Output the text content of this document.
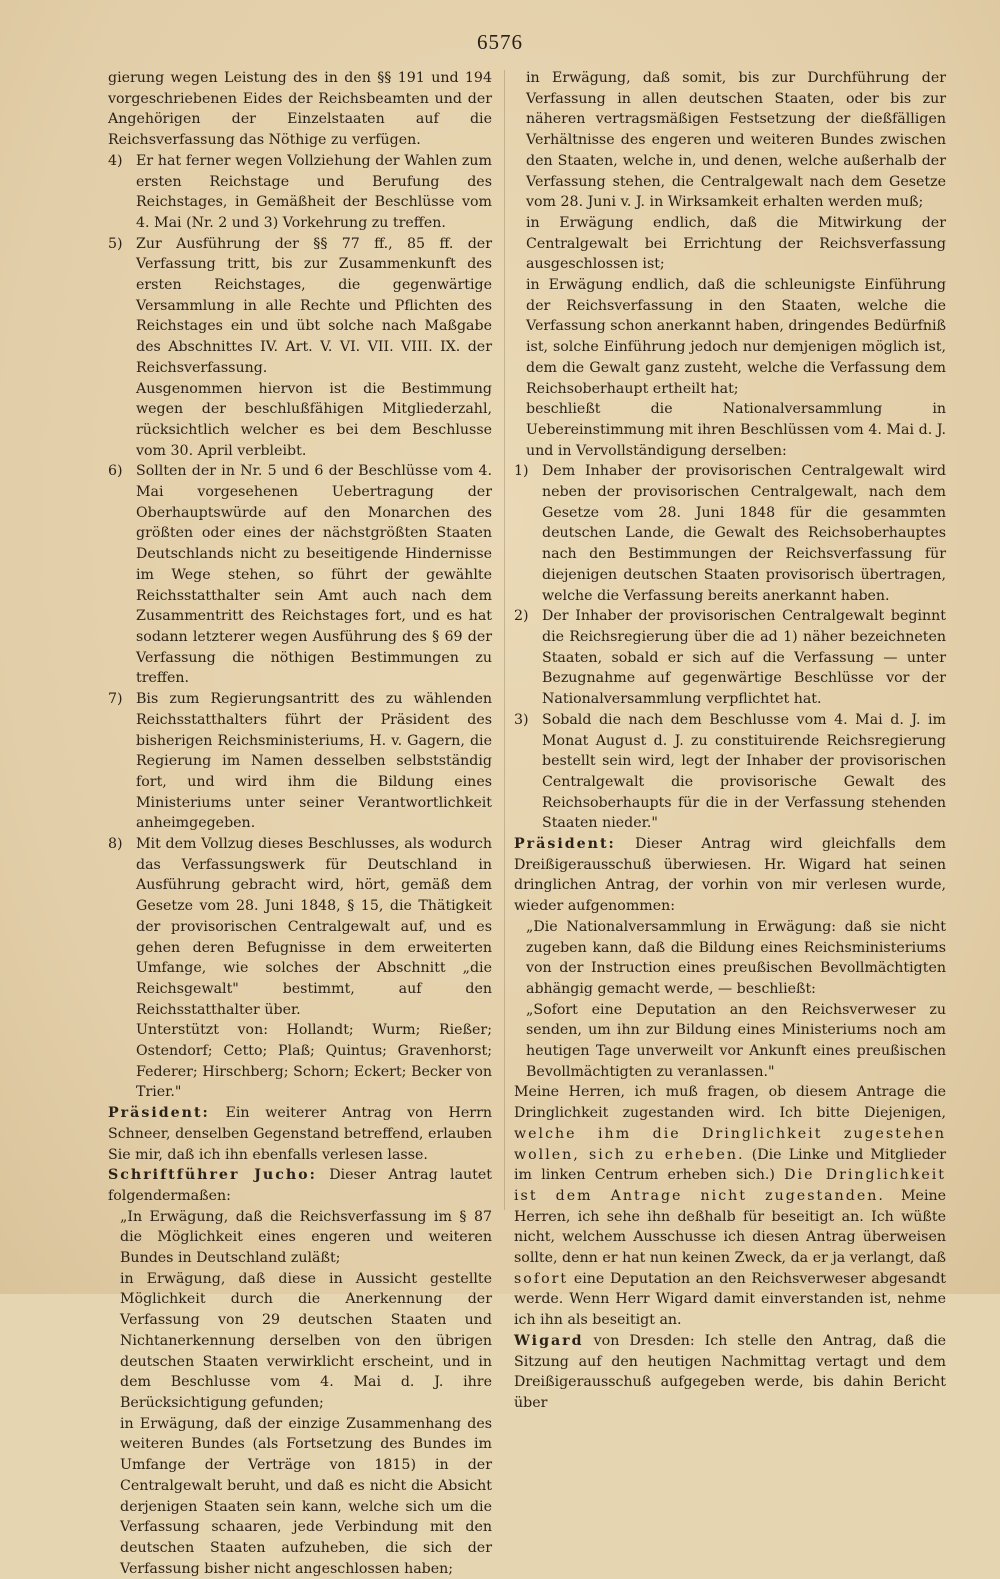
6576

gierung wegen Leistung des in den §§ 191 und 194 vorgeschriebenen Eides der Reichsbeamten und der Angehörigen der Einzelstaaten auf die Reichsverfassung das Nöthige zu verfügen.

4) Er hat ferner wegen Vollziehung der Wahlen zum ersten Reichstage und Berufung des Reichstages, in Gemäßheit der Beschlüsse vom 4. Mai (Nr. 2 und 3) Vorkehrung zu treffen.

5) Zur Ausführung der §§ 77 ff., 85 ff. der Verfassung tritt, bis zur Zusammenkunft des ersten Reichstages, die gegenwärtige Versammlung in alle Rechte und Pflichten des Reichstages ein und übt solche nach Maßgabe des Abschnittes IV. Art. V. VI. VII. VIII. IX. der Reichsverfassung.

Ausgenommen hiervon ist die Bestimmung wegen der beschlußfähigen Mitgliederzahl, rücksichtlich welcher es bei dem Beschlusse vom 30. April verbleibt.

6) Sollten der in Nr. 5 und 6 der Beschlüsse vom 4. Mai vorgesehenen Uebertragung der Oberhauptswürde auf den Monarchen des größten oder eines der nächstgrößten Staaten Deutschlands nicht zu beseitigende Hindernisse im Wege stehen, so führt der gewählte Reichsstatthalter sein Amt auch nach dem Zusammentritt des Reichstages fort, und es hat sodann letzterer wegen Ausführung des § 69 der Verfassung die nöthigen Bestimmungen zu treffen.

7) Bis zum Regierungsantritt des zu wählenden Reichsstatthalters führt der Präsident des bisherigen Reichsministeriums, H. v. Gagern, die Regierung im Namen desselben selbstständig fort, und wird ihm die Bildung eines Ministeriums unter seiner Verantwortlichkeit anheimgegeben.

8) Mit dem Vollzug dieses Beschlusses, als wodurch das Verfassungswerk für Deutschland in Ausführung gebracht wird, hört, gemäß dem Gesetze vom 28. Juni 1848, § 15, die Thätigkeit der provisorischen Centralgewalt auf, und es gehen deren Befugnisse in dem erweiterten Umfange, wie solches der Abschnitt „die Reichsgewalt" bestimmt, auf den Reichsstatthalter über.

Unterstützt von: Hollandt; Wurm; Rießer; Ostendorf; Cetto; Plaß; Quintus; Gravenhorst; Federer; Hirschberg; Schorn; Eckert; Becker von Trier."

Präsident: Ein weiterer Antrag von Herrn Schneer, denselben Gegenstand betreffend, erlauben Sie mir, daß ich ihn ebenfalls verlesen lasse.

Schriftführer Jucho: Dieser Antrag lautet folgendermaßen:

„In Erwägung, daß die Reichsverfassung im § 87 die Möglichkeit eines engeren und weiteren Bundes in Deutschland zuläßt;

in Erwägung, daß diese in Aussicht gestellte Möglichkeit durch die Anerkennung der Verfassung von 29 deutschen Staaten und Nichtanerkennung derselben von den übrigen deutschen Staaten verwirklicht erscheint, und in dem Beschlusse vom 4. Mai d. J. ihre Berücksichtigung gefunden;

in Erwägung, daß der einzige Zusammenhang des weiteren Bundes (als Fortsetzung des Bundes im Umfange der Verträge von 1815) in der Centralgewalt beruht, und daß es nicht die Absicht derjenigen Staaten sein kann, welche sich um die Verfassung schaaren, jede Verbindung mit den deutschen Staaten aufzuheben, die sich der Verfassung bisher nicht angeschlossen haben;

in Erwägung, daß somit, bis zur Durchführung der Verfassung in allen deutschen Staaten, oder bis zur näheren vertragsmäßigen Festsetzung der dießfälligen Verhältnisse des engeren und weiteren Bundes zwischen den Staaten, welche in, und denen, welche außerhalb der Verfassung stehen, die Centralgewalt nach dem Gesetze vom 28. Juni v. J. in Wirksamkeit erhalten werden muß;

in Erwägung endlich, daß die Mitwirkung der Centralgewalt bei Errichtung der Reichsverfassung ausgeschlossen ist;

in Erwägung endlich, daß die schleunigste Einführung der Reichsverfassung in den Staaten, welche die Verfassung schon anerkannt haben, dringendes Bedürfniß ist, solche Einführung jedoch nur demjenigen möglich ist, dem die Gewalt ganz zusteht, welche die Verfassung dem Reichsoberhaupt ertheilt hat;

beschließt die Nationalversammlung in Uebereinstimmung mit ihren Beschlüssen vom 4. Mai d. J. und in Vervollständigung derselben:

1) Dem Inhaber der provisorischen Centralgewalt wird neben der provisorischen Centralgewalt, nach dem Gesetze vom 28. Juni 1848 für die gesammten deutschen Lande, die Gewalt des Reichsoberhauptes nach den Bestimmungen der Reichsverfassung für diejenigen deutschen Staaten provisorisch übertragen, welche die Verfassung bereits anerkannt haben.

2) Der Inhaber der provisorischen Centralgewalt beginnt die Reichsregierung über die ad 1) näher bezeichneten Staaten, sobald er sich auf die Verfassung — unter Bezugnahme auf gegenwärtige Beschlüsse vor der Nationalversammlung verpflichtet hat.

3) Sobald die nach dem Beschlusse vom 4. Mai d. J. im Monat August d. J. zu constituirende Reichsregierung bestellt sein wird, legt der Inhaber der provisorischen Centralgewalt die provisorische Gewalt des Reichsoberhaupts für die in der Verfassung stehenden Staaten nieder."

Präsident: Dieser Antrag wird gleichfalls dem Dreißigerausschuß überwiesen. Hr. Wigard hat seinen dringlichen Antrag, der vorhin von mir verlesen wurde, wieder aufgenommen:

„Die Nationalversammlung in Erwägung: daß sie nicht zugeben kann, daß die Bildung eines Reichsministeriums von der Instruction eines preußischen Bevollmächtigten abhängig gemacht werde, — beschließt:

„Sofort eine Deputation an den Reichsverweser zu senden, um ihn zur Bildung eines Ministeriums noch am heutigen Tage unverweilt vor Ankunft eines preußischen Bevollmächtigten zu veranlassen."

Meine Herren, ich muß fragen, ob diesem Antrage die Dringlichkeit zugestanden wird. Ich bitte Diejenigen, welche ihm die Dringlichkeit zugestehen wollen, sich zu erheben. (Die Linke und Mitglieder im linken Centrum erheben sich.) Die Dringlichkeit ist dem Antrage nicht zugestanden. Meine Herren, ich sehe ihn deßhalb für beseitigt an. Ich wüßte nicht, welchem Ausschusse ich diesen Antrag überweisen sollte, denn er hat nun keinen Zweck, da er ja verlangt, daß sofort eine Deputation an den Reichsverweser abgesandt werde. Wenn Herr Wigard damit einverstanden ist, nehme ich ihn als beseitigt an.

Wigard von Dresden: Ich stelle den Antrag, daß die Sitzung auf den heutigen Nachmittag vertagt und dem Dreißigerausschuß aufgegeben werde, bis dahin Bericht über
